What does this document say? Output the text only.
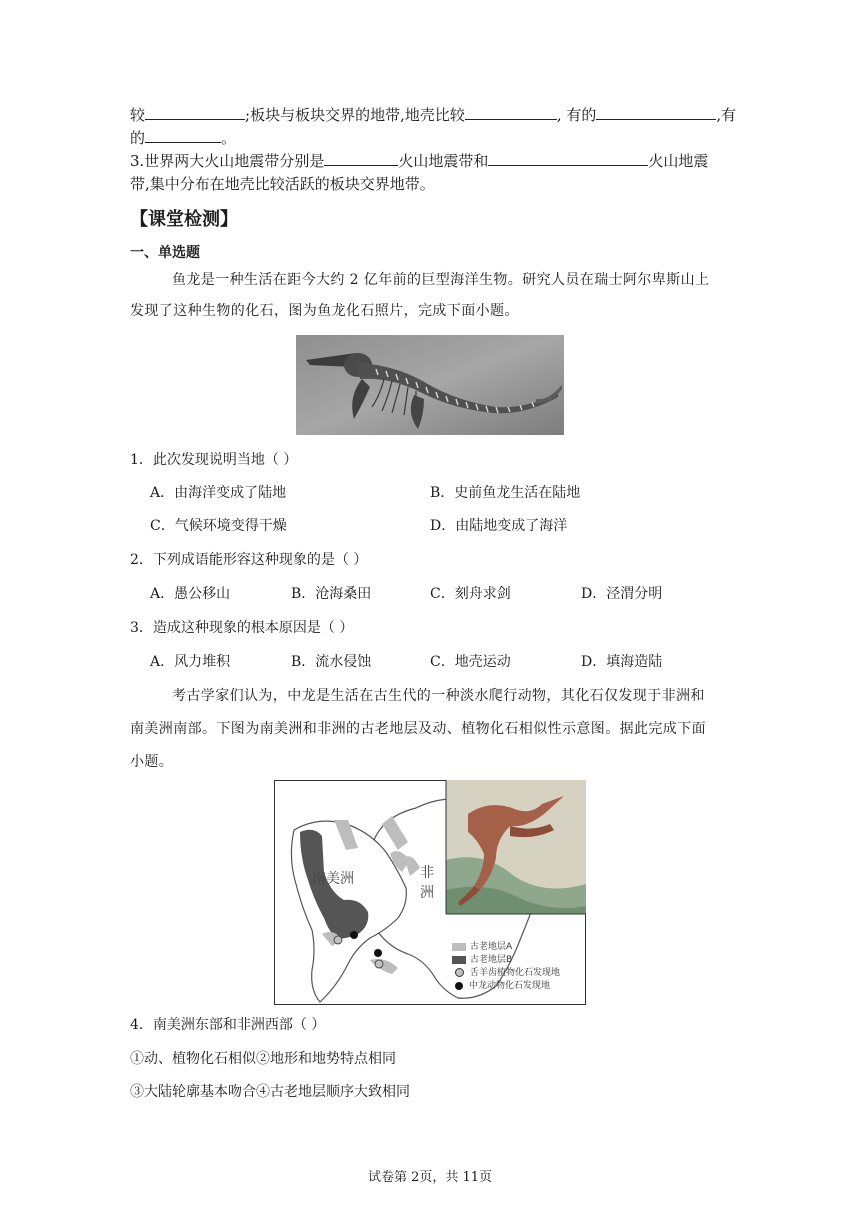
较	;板块与板块交界的地带,地壳比较	, 有的	,有
的	。
3.世界两大火山地震带分别是	火山地震带和	火山地震
带,集中分布在地壳比较活跃的板块交界地带。
【课堂检测】
一、单选题
鱼龙是一种生活在距今大约 2 亿年前的巨型海洋生物。研究人员在瑞士阿尔卑斯山上
发现了这种生物的化石，图为鱼龙化石照片，完成下面小题。
1．此次发现说明当地（ ）
A．由海洋变成了陆地	B．史前鱼龙生活在陆地
C．气候环境变得干燥	D．由陆地变成了海洋
2．下列成语能形容这种现象的是（ ）
A．愚公移山	B．沧海桑田	C．刻舟求剑	D．泾渭分明
3．造成这种现象的根本原因是（ ）
A．风力堆积	B．流水侵蚀	C．地壳运动	D．填海造陆
考古学家们认为，中龙是生活在古生代的一种淡水爬行动物，其化石仅发现于非洲和
南美洲南部。下图为南美洲和非洲的古老地层及动、植物化石相似性示意图。据此完成下面
小题。
南美洲	非
洲
古老地层A
古老地层B
舌羊齿植物化石发现地
中龙动物化石发现地
4．南美洲东部和非洲西部（ ）
①动、植物化石相似②地形和地势特点相同
③大陆轮廓基本吻合④古老地层顺序大致相同
试卷第 2页，共 11页
